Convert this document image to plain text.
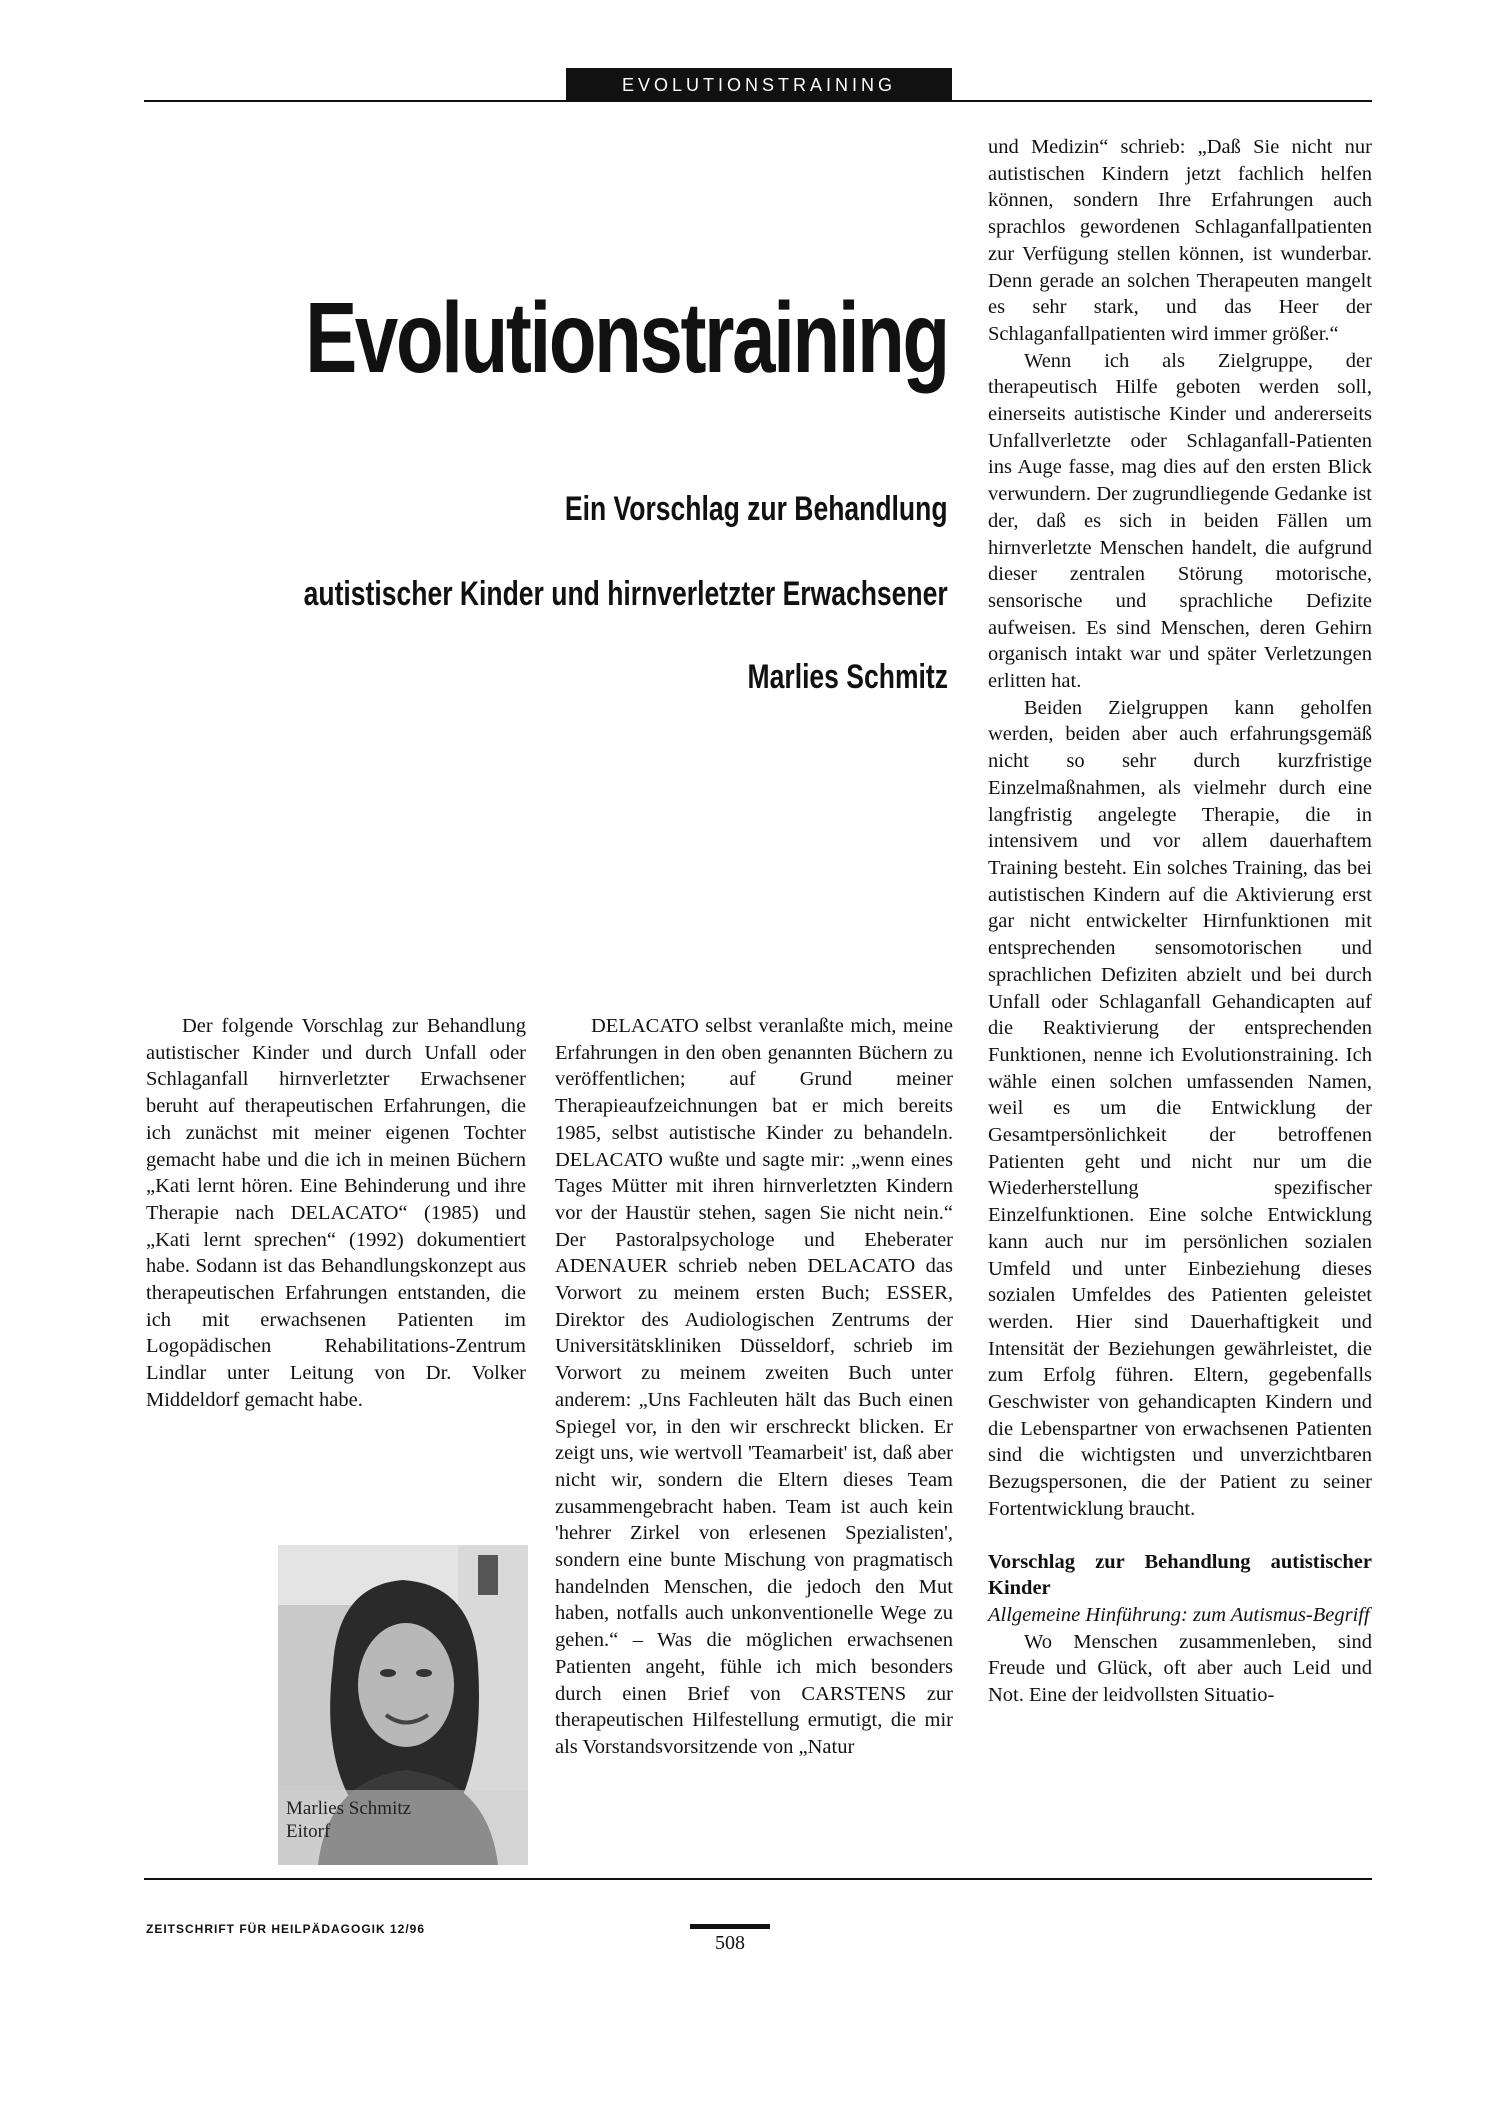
EVOLUTIONSTRAINING
Evolutionstraining
Ein Vorschlag zur Behandlung
autistischer Kinder und hirnverletzter Erwachsener
Marlies Schmitz

Der folgende Vorschlag zur Behandlung autistischer Kinder und durch Unfall oder Schlaganfall hirnverletzter Erwachsener beruht auf therapeutischen Erfahrungen, die ich zunächst mit meiner eigenen Tochter gemacht habe und die ich in meinen Büchern „Kati lernt hören. Eine Behinderung und ihre Therapie nach DELACATO“ (1985) und „Kati lernt sprechen“ (1992) dokumentiert habe. Sodann ist das Behandlungskonzept aus therapeutischen Erfahrungen entstanden, die ich mit erwachsenen Patienten im Logopädischen Rehabilitations-Zentrum Lindlar unter Leitung von Dr. Volker Middeldorf gemacht habe.

Marlies Schmitz
Eitorf

DELACATO selbst veranlaßte mich, meine Erfahrungen in den oben genannten Büchern zu veröffentlichen; auf Grund meiner Therapieaufzeichnungen bat er mich bereits 1985, selbst autistische Kinder zu behandeln. DELACATO wußte und sagte mir: „wenn eines Tages Mütter mit ihren hirnverletzten Kindern vor der Haustür stehen, sagen Sie nicht nein.“ Der Pastoralpsychologe und Eheberater ADENAUER schrieb neben DELACATO das Vorwort zu meinem ersten Buch; ESSER, Direktor des Audiologischen Zentrums der Universitätskliniken Düsseldorf, schrieb im Vorwort zu meinem zweiten Buch unter anderem: „Uns Fachleuten hält das Buch einen Spiegel vor, in den wir erschreckt blicken. Er zeigt uns, wie wertvoll 'Teamarbeit' ist, daß aber nicht wir, sondern die Eltern dieses Team zusammengebracht haben. Team ist auch kein 'hehrer Zirkel von erlesenen Spezialisten', sondern eine bunte Mischung von pragmatisch handelnden Menschen, die jedoch den Mut haben, notfalls auch unkonventionelle Wege zu gehen.“ – Was die möglichen erwachsenen Patienten angeht, fühle ich mich besonders durch einen Brief von CARSTENS zur therapeutischen Hilfestellung ermutigt, die mir als Vorstandsvorsitzende von „Natur

und Medizin“ schrieb: „Daß Sie nicht nur autistischen Kindern jetzt fachlich helfen können, sondern Ihre Erfahrungen auch sprachlos gewordenen Schlaganfallpatienten zur Verfügung stellen können, ist wunderbar. Denn gerade an solchen Therapeuten mangelt es sehr stark, und das Heer der Schlaganfallpatienten wird immer größer.“

Wenn ich als Zielgruppe, der therapeutisch Hilfe geboten werden soll, einerseits autistische Kinder und andererseits Unfallverletzte oder Schlaganfall-Patienten ins Auge fasse, mag dies auf den ersten Blick verwundern. Der zugrundliegende Gedanke ist der, daß es sich in beiden Fällen um hirnverletzte Menschen handelt, die aufgrund dieser zentralen Störung motorische, sensorische und sprachliche Defizite aufweisen. Es sind Menschen, deren Gehirn organisch intakt war und später Verletzungen erlitten hat.

Beiden Zielgruppen kann geholfen werden, beiden aber auch erfahrungsgemäß nicht so sehr durch kurzfristige Einzelmaßnahmen, als vielmehr durch eine langfristig angelegte Therapie, die in intensivem und vor allem dauerhaftem Training besteht. Ein solches Training, das bei autistischen Kindern auf die Aktivierung erst gar nicht entwickelter Hirnfunktionen mit entsprechenden sensomotorischen und sprachlichen Defiziten abzielt und bei durch Unfall oder Schlaganfall Gehandicapten auf die Reaktivierung der entsprechenden Funktionen, nenne ich Evolutionstraining. Ich wähle einen solchen umfassenden Namen, weil es um die Entwicklung der Gesamtpersönlichkeit der betroffenen Patienten geht und nicht nur um die Wiederherstellung spezifischer Einzelfunktionen. Eine solche Entwicklung kann auch nur im persönlichen sozialen Umfeld und unter Einbeziehung dieses sozialen Umfeldes des Patienten geleistet werden. Hier sind Dauerhaftigkeit und Intensität der Beziehungen gewährleistet, die zum Erfolg führen. Eltern, gegebenfalls Geschwister von gehandicapten Kindern und die Lebenspartner von erwachsenen Patienten sind die wichtigsten und unverzichtbaren Bezugspersonen, die der Patient zu seiner Fortentwicklung braucht.

Vorschlag zur Behandlung autistischer Kinder

Allgemeine Hinführung: zum Autismus-Begriff

Wo Menschen zusammenleben, sind Freude und Glück, oft aber auch Leid und Not. Eine der leidvollsten Situatio-

ZEITSCHRIFT FÜR HEILPÄDAGOGIK 12/96
508
